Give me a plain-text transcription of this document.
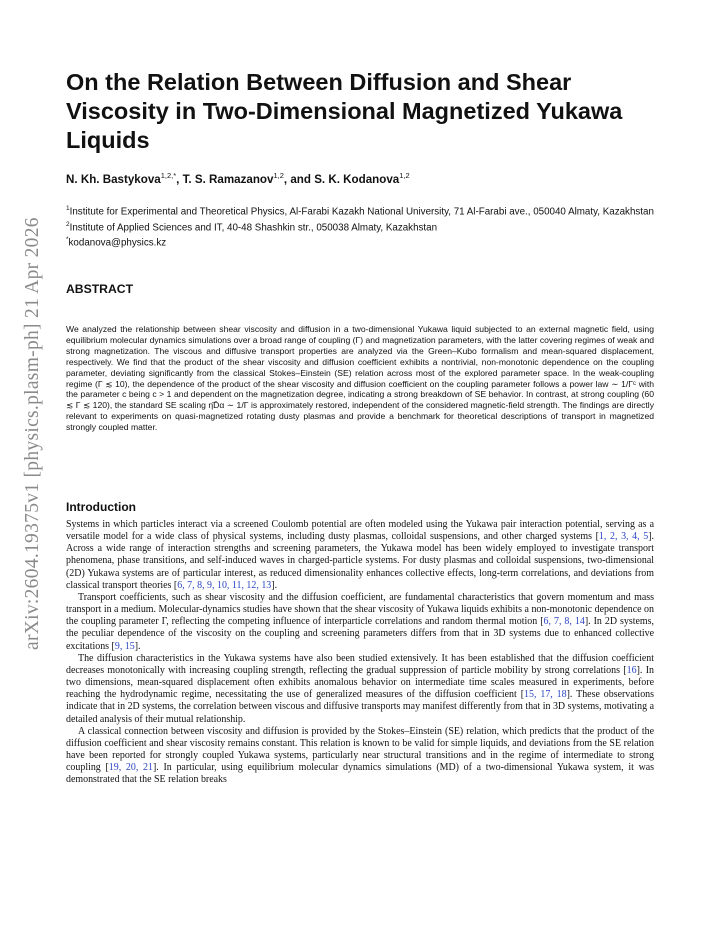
arXiv:2604.19375v1 [physics.plasm-ph] 21 Apr 2026
On the Relation Between Diffusion and Shear Viscosity in Two-Dimensional Magnetized Yukawa Liquids
N. Kh. Bastykova$^{1,2,*}$, T. S. Ramazanov$^{1,2}$, and S. K. Kodanova$^{1,2}$
$^1$Institute for Experimental and Theoretical Physics, Al-Farabi Kazakh National University, 71 Al-Farabi ave., 050040 Almaty, Kazakhstan
$^2$Institute of Applied Sciences and IT, 40-48 Shashkin str., 050038 Almaty, Kazakhstan
*kodanova@physics.kz
ABSTRACT

We analyzed the relationship between shear viscosity and diffusion in a two-dimensional Yukawa liquid subjected to an external magnetic field, using equilibrium molecular dynamics simulations over a broad range of coupling (Γ) and magnetization parameters, with the latter covering regimes of weak and strong magnetization. The viscous and diffusive transport properties are analyzed via the Green–Kubo formalism and mean-squared displacement, respectively. We find that the product of the shear viscosity and diffusion coefficient exhibits a nontrivial, non-monotonic dependence on the coupling parameter, deviating significantly from the classical Stokes–Einstein (SE) relation across most of the explored parameter space. In the weak-coupling regime (Γ ≲ 10), the dependence of the product of the shear viscosity and diffusion coefficient on the coupling parameter follows a power law ∼ 1/Γᶜ with the parameter c being c > 1 and dependent on the magnetization degree, indicating a strong breakdown of SE behavior. In contrast, at strong coupling (60 ≲ Γ ≲ 120), the standard SE scaling η̄D̄α ∼ 1/Γ is approximately restored, independent of the considered magnetic-field strength. The findings are directly relevant to experiments on quasi-magnetized rotating dusty plasmas and provide a benchmark for theoretical descriptions of transport in magnetized strongly coupled matter.

Introduction

Systems in which particles interact via a screened Coulomb potential are often modeled using the Yukawa pair interaction potential, serving as a versatile model for a wide class of physical systems, including dusty plasmas, colloidal suspensions, and other charged systems [1, 2, 3, 4, 5]. Across a wide range of interaction strengths and screening parameters, the Yukawa model has been widely employed to investigate transport phenomena, phase transitions, and self-induced waves in charged-particle systems. For dusty plasmas and colloidal suspensions, two-dimensional (2D) Yukawa systems are of particular interest, as reduced dimensionality enhances collective effects, long-term correlations, and deviations from classical transport theories [6, 7, 8, 9, 10, 11, 12, 13].

Transport coefficients, such as shear viscosity and the diffusion coefficient, are fundamental characteristics that govern momentum and mass transport in a medium. Molecular-dynamics studies have shown that the shear viscosity of Yukawa liquids exhibits a non-monotonic dependence on the coupling parameter Γ, reflecting the competing influence of interparticle correlations and random thermal motion [6, 7, 8, 14]. In 2D systems, the peculiar dependence of the viscosity on the coupling and screening parameters differs from that in 3D systems due to enhanced collective excitations [9, 15].

The diffusion characteristics in the Yukawa systems have also been studied extensively. It has been established that the diffusion coefficient decreases monotonically with increasing coupling strength, reflecting the gradual suppression of particle mobility by strong correlations [16]. In two dimensions, mean-squared displacement often exhibits anomalous behavior on intermediate time scales measured in experiments, before reaching the hydrodynamic regime, necessitating the use of generalized measures of the diffusion coefficient [15, 17, 18]. These observations indicate that in 2D systems, the correlation between viscous and diffusive transports may manifest differently from that in 3D systems, motivating a detailed analysis of their mutual relationship.

A classical connection between viscosity and diffusion is provided by the Stokes–Einstein (SE) relation, which predicts that the product of the diffusion coefficient and shear viscosity remains constant. This relation is known to be valid for simple liquids, and deviations from the SE relation have been reported for strongly coupled Yukawa systems, particularly near structural transitions and in the regime of intermediate to strong coupling [19, 20, 21]. In particular, using equilibrium molecular dynamics simulations (MD) of a two-dimensional Yukawa system, it was demonstrated that the SE relation breaks
